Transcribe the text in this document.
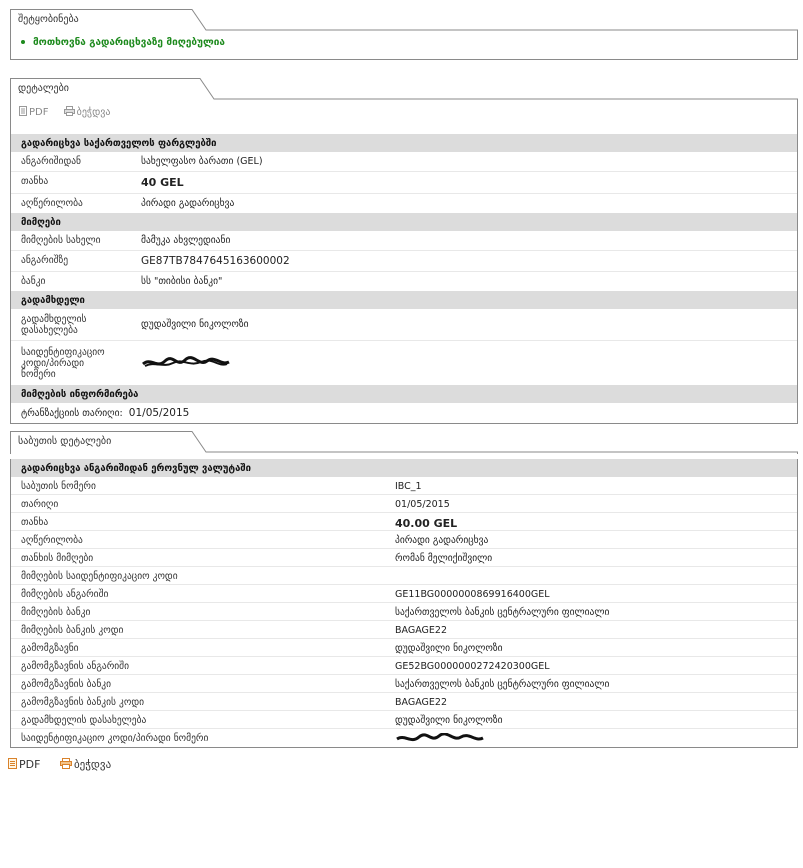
შეტყობინება
მოთხოვნა გადარიცხვაზე მიღებულია
დეტალები
PDF	ბეჭდვა
გადარიცხვა საქართველოს ფარგლებში
ანგარიშიდან	სახელფასო ბარათი (GEL)
თანხა	40 GEL
აღწერილობა	პირადი გადარიცხვა
მიმღები
მიმღების სახელი	მამუკა ახვლედიანი
ანგარიშზე	GE87TB7847645163600002
ბანკი	სს "თიბისი ბანკი"
გადამხდელი
გადამხდელის დასახელება	დუდაშვილი ნიკოლოზი
საიდენტიფიკაციო კოდი/პირადი ნომერი
მიმღების ინფორმირება
ტრანზაქციის თარიღი: 01/05/2015
საბუთის დეტალები
გადარიცხვა ანგარიშიდან ეროვნულ ვალუტაში
საბუთის ნომერი	IBC_1
თარიღი	01/05/2015
თანხა	40.00 GEL
აღწერილობა	პირადი გადარიცხვა
თანხის მიმღები	რომან მელიქიშვილი
მიმღების საიდენტიფიკაციო კოდი
მიმღების ანგარიში	GE11BG0000000869916400GEL
მიმღების ბანკი	საქართველოს ბანკის ცენტრალური ფილიალი
მიმღების ბანკის კოდი	BAGAGE22
გამომგზავნი	დუდაშვილი ნიკოლოზი
გამომგზავნის ანგარიში	GE52BG0000000272420300GEL
გამომგზავნის ბანკი	საქართველოს ბანკის ცენტრალური ფილიალი
გამომგზავნის ბანკის კოდი	BAGAGE22
გადამხდელის დასახელება	დუდაშვილი ნიკოლოზი
საიდენტიფიკაციო კოდი/პირადი ნომერი
PDF	ბეჭდვა
